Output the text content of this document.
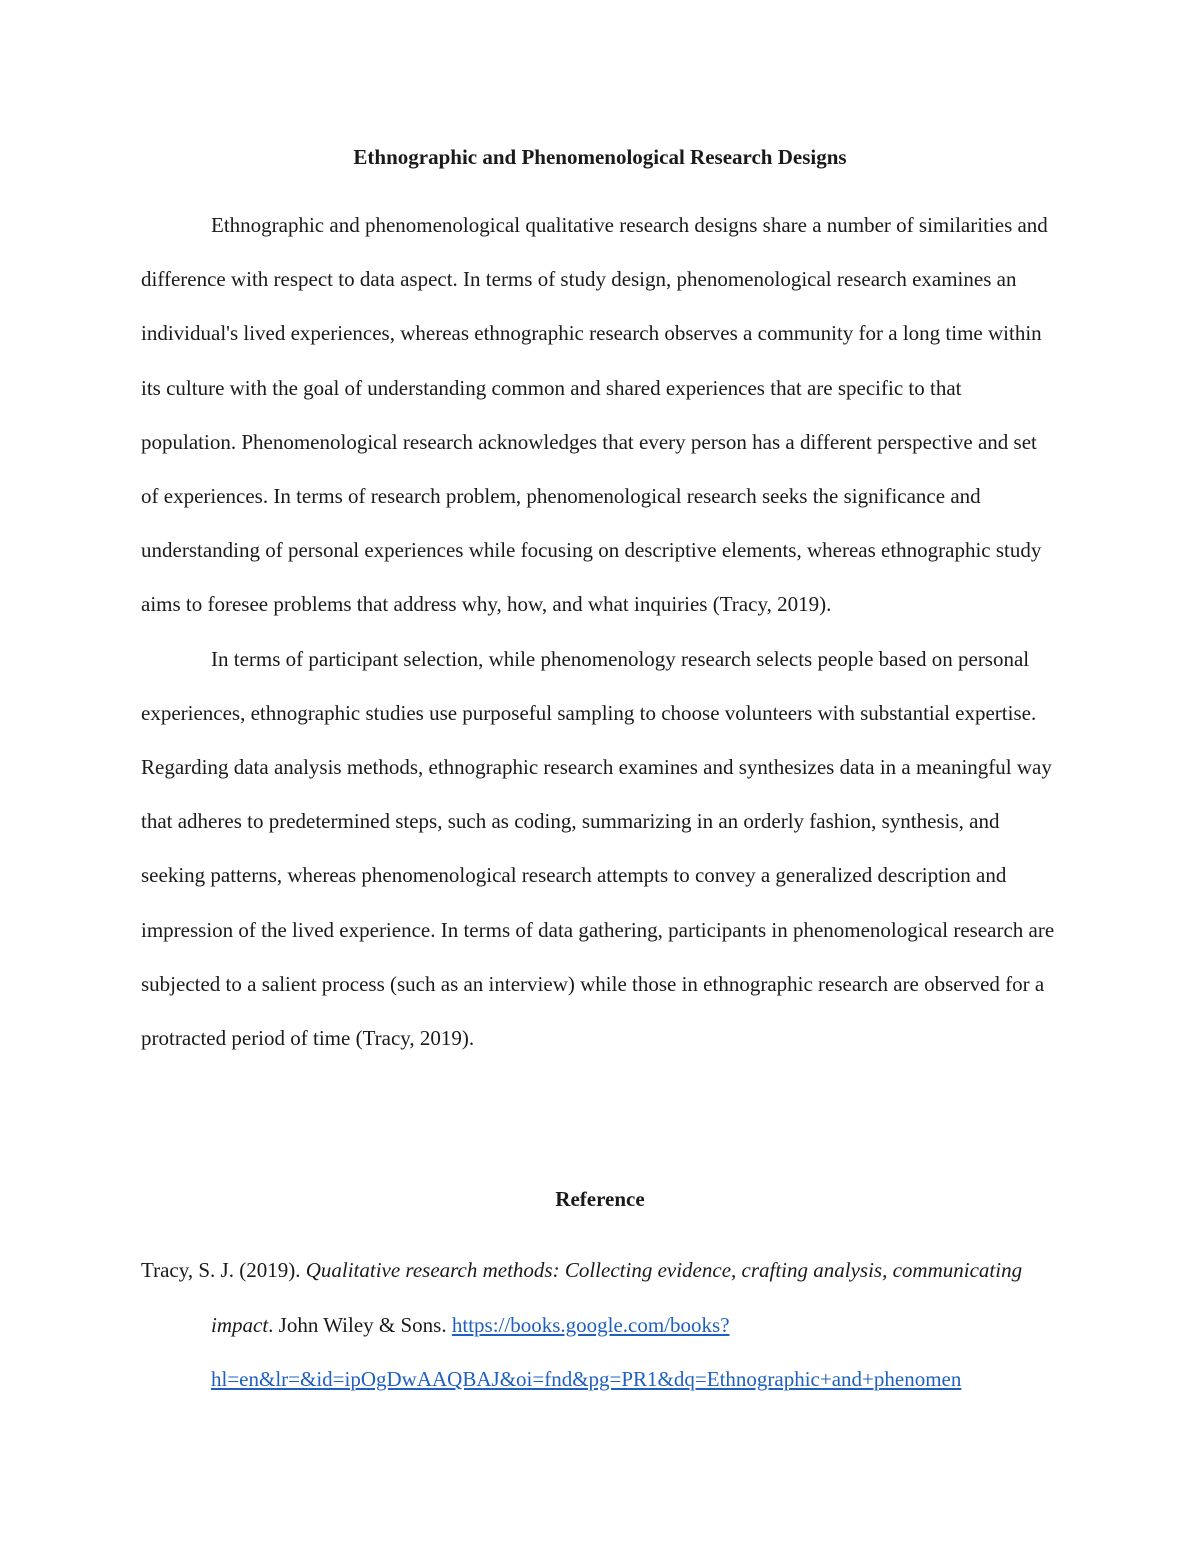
Ethnographic and Phenomenological Research Designs

Ethnographic and phenomenological qualitative research designs share a number of similarities and difference with respect to data aspect. In terms of study design, phenomenological research examines an individual's lived experiences, whereas ethnographic research observes a community for a long time within its culture with the goal of understanding common and shared experiences that are specific to that population. Phenomenological research acknowledges that every person has a different perspective and set of experiences. In terms of research problem, phenomenological research seeks the significance and understanding of personal experiences while focusing on descriptive elements, whereas ethnographic study aims to foresee problems that address why, how, and what inquiries (Tracy, 2019).

In terms of participant selection, while phenomenology research selects people based on personal experiences, ethnographic studies use purposeful sampling to choose volunteers with substantial expertise. Regarding data analysis methods, ethnographic research examines and synthesizes data in a meaningful way that adheres to predetermined steps, such as coding, summarizing in an orderly fashion, synthesis, and seeking patterns, whereas phenomenological research attempts to convey a generalized description and impression of the lived experience. In terms of data gathering, participants in phenomenological research are subjected to a salient process (such as an interview) while those in ethnographic research are observed for a protracted period of time (Tracy, 2019).

Reference

Tracy, S. J. (2019). Qualitative research methods: Collecting evidence, crafting analysis, communicating impact. John Wiley & Sons. https://books.google.com/books?
hl=en&lr=&id=ipOgDwAAQBAJ&oi=fnd&pg=PR1&dq=Ethnographic+and+phenomen
